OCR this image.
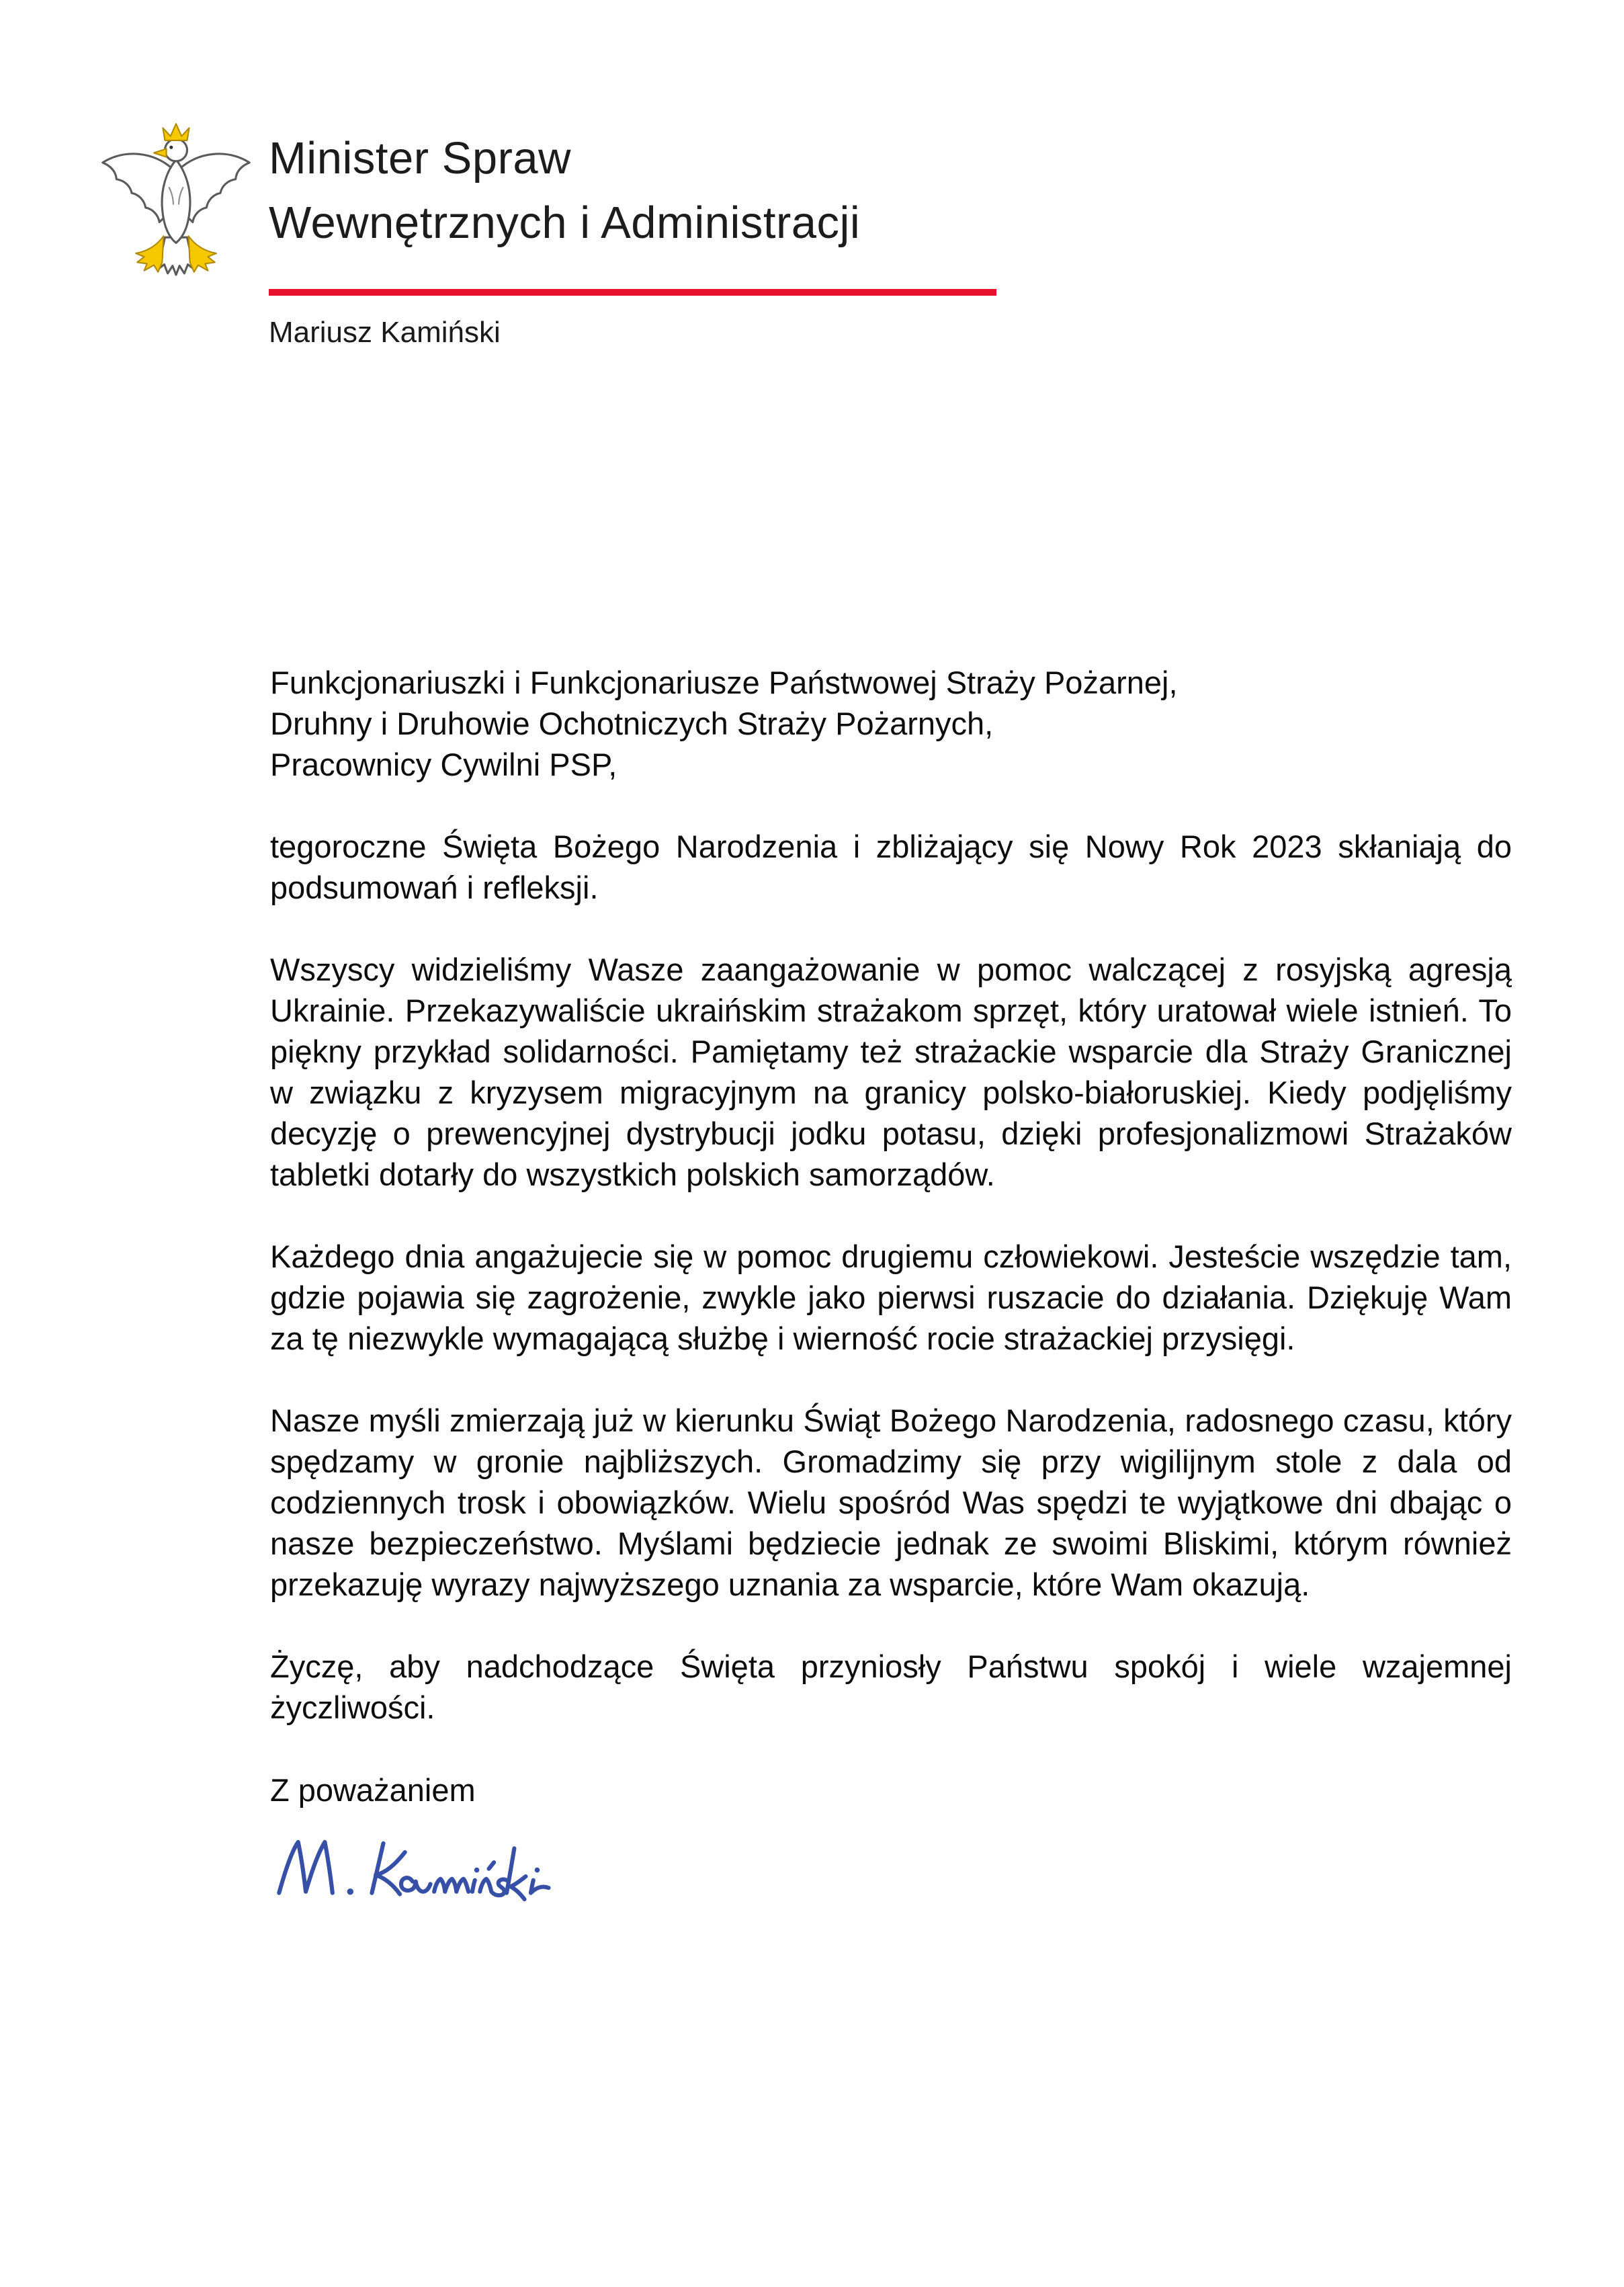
Minister Spraw
Wewnętrznych i Administracji
Mariusz Kamiński
Funkcjonariuszki i Funkcjonariusze Państwowej Straży Pożarnej,
Druhny i Druhowie Ochotniczych Straży Pożarnych,
Pracownicy Cywilni PSP,

tegoroczne Święta Bożego Narodzenia i zbliżający się Nowy Rok 2023 skłaniają do podsumowań i refleksji.

Wszyscy widzieliśmy Wasze zaangażowanie w pomoc walczącej z rosyjską agresją Ukrainie. Przekazywaliście ukraińskim strażakom sprzęt, który uratował wiele istnień. To piękny przykład solidarności. Pamiętamy też strażackie wsparcie dla Straży Granicznej w związku z kryzysem migracyjnym na granicy polsko-białoruskiej. Kiedy podjęliśmy decyzję o prewencyjnej dystrybucji jodku potasu, dzięki profesjonalizmowi Strażaków tabletki dotarły do wszystkich polskich samorządów.

Każdego dnia angażujecie się w pomoc drugiemu człowiekowi. Jesteście wszędzie tam, gdzie pojawia się zagrożenie, zwykle jako pierwsi ruszacie do działania. Dziękuję Wam za tę niezwykle wymagającą służbę i wierność rocie strażackiej przysięgi.

Nasze myśli zmierzają już w kierunku Świąt Bożego Narodzenia, radosnego czasu, który spędzamy w gronie najbliższych. Gromadzimy się przy wigilijnym stole z dala od codziennych trosk i obowiązków. Wielu spośród Was spędzi te wyjątkowe dni dbając o nasze bezpieczeństwo. Myślami będziecie jednak ze swoimi Bliskimi, którym również przekazuję wyrazy najwyższego uznania za wsparcie, które Wam okazują.

Życzę, aby nadchodzące Święta przyniosły Państwu spokój i wiele wzajemnej życzliwości.

Z poważaniem
